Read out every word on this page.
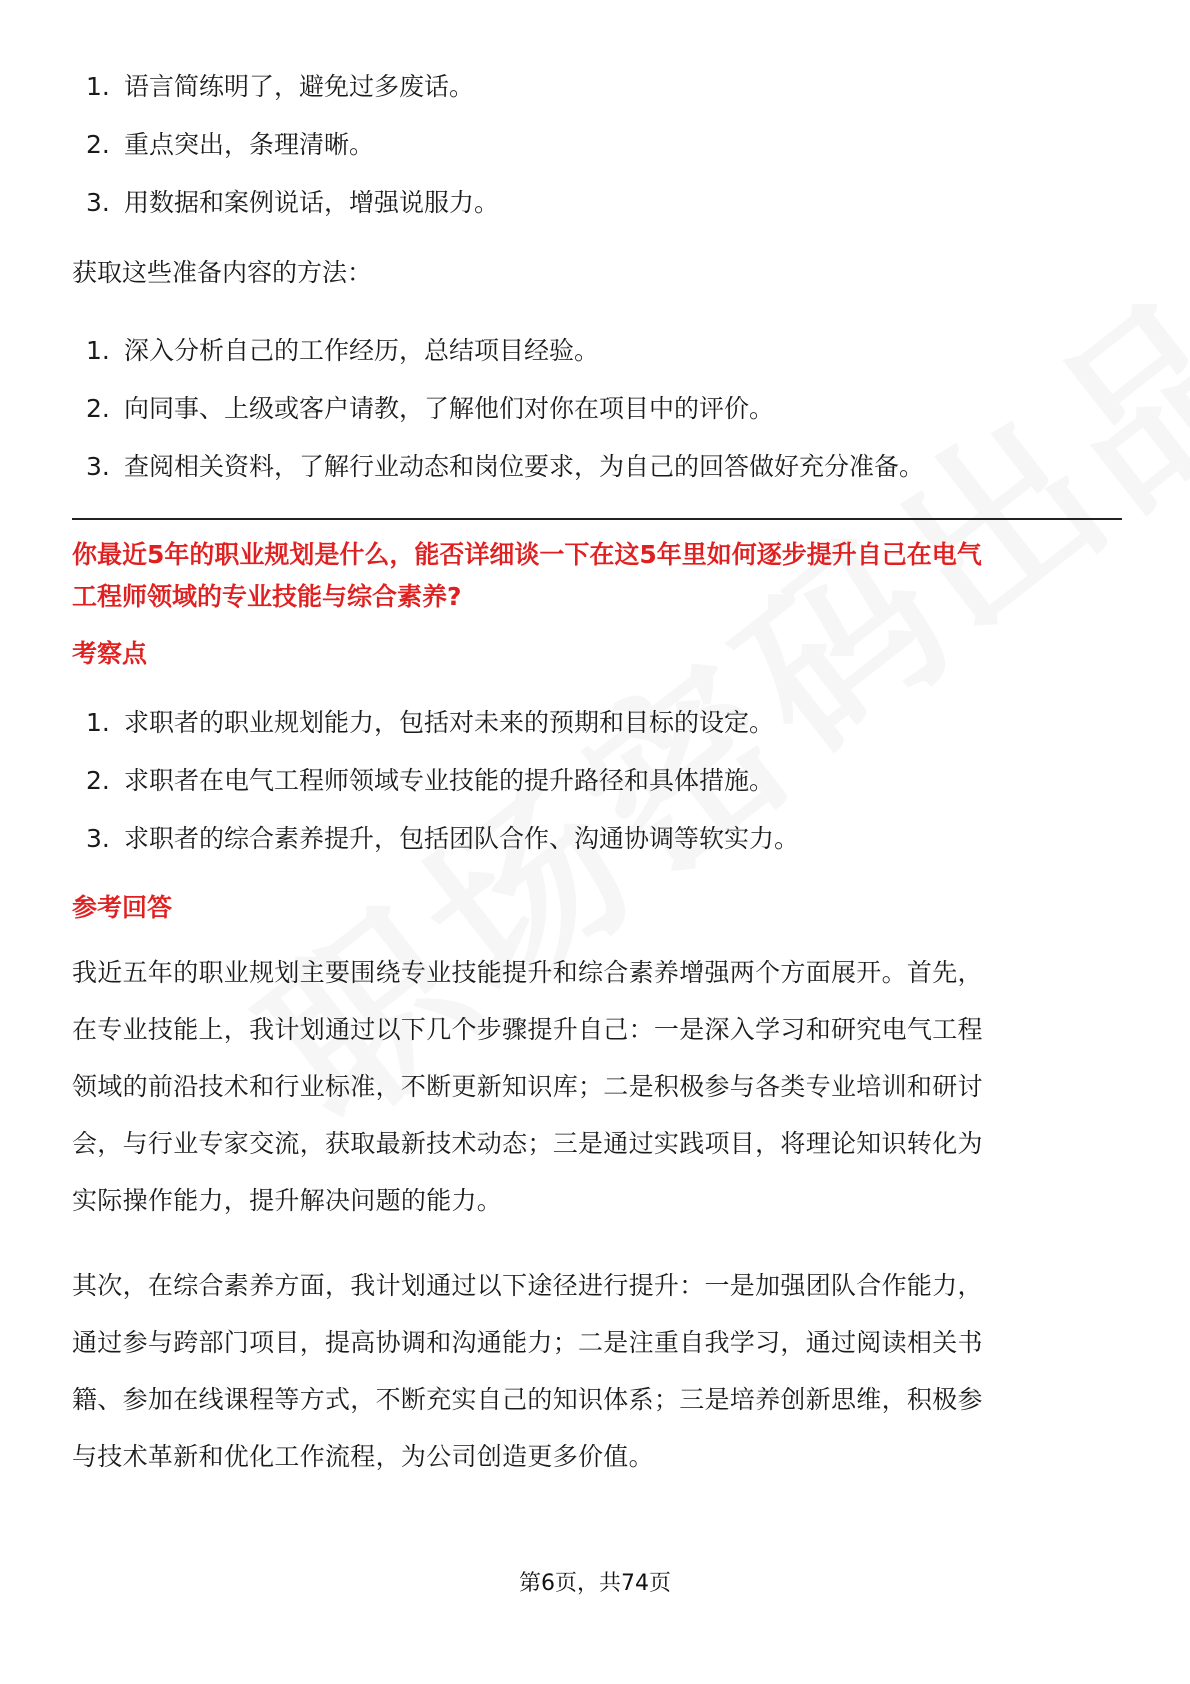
1. 语言简练明了，避免过多废话。
2. 重点突出，条理清晰。
3. 用数据和案例说话，增强说服力。

获取这些准备内容的方法：

1. 深入分析自己的工作经历，总结项目经验。
2. 向同事、上级或客户请教，了解他们对你在项目中的评价。
3. 查阅相关资料，了解行业动态和岗位要求，为自己的回答做好充分准备。

你最近5年的职业规划是什么，能否详细谈一下在这5年里如何逐步提升自己在电气
工程师领域的专业技能与综合素养?

考察点
1. 求职者的职业规划能力，包括对未来的预期和目标的设定。
2. 求职者在电气工程师领域专业技能的提升路径和具体措施。
3. 求职者的综合素养提升，包括团队合作、沟通协调等软实力。
参考回答

我近五年的职业规划主要围绕专业技能提升和综合素养增强两个方面展开。首先，
在专业技能上，我计划通过以下几个步骤提升自己：一是深入学习和研究电气工程
领域的前沿技术和行业标准，不断更新知识库；二是积极参与各类专业培训和研讨
会，与行业专家交流，获取最新技术动态；三是通过实践项目，将理论知识转化为
实际操作能力，提升解决问题的能力。

其次，在综合素养方面，我计划通过以下途径进行提升：一是加强团队合作能力，
通过参与跨部门项目，提高协调和沟通能力；二是注重自我学习，通过阅读相关书
籍、参加在线课程等方式，不断充实自己的知识体系；三是培养创新思维，积极参
与技术革新和优化工作流程，为公司创造更多价值。

第6页，共74页
